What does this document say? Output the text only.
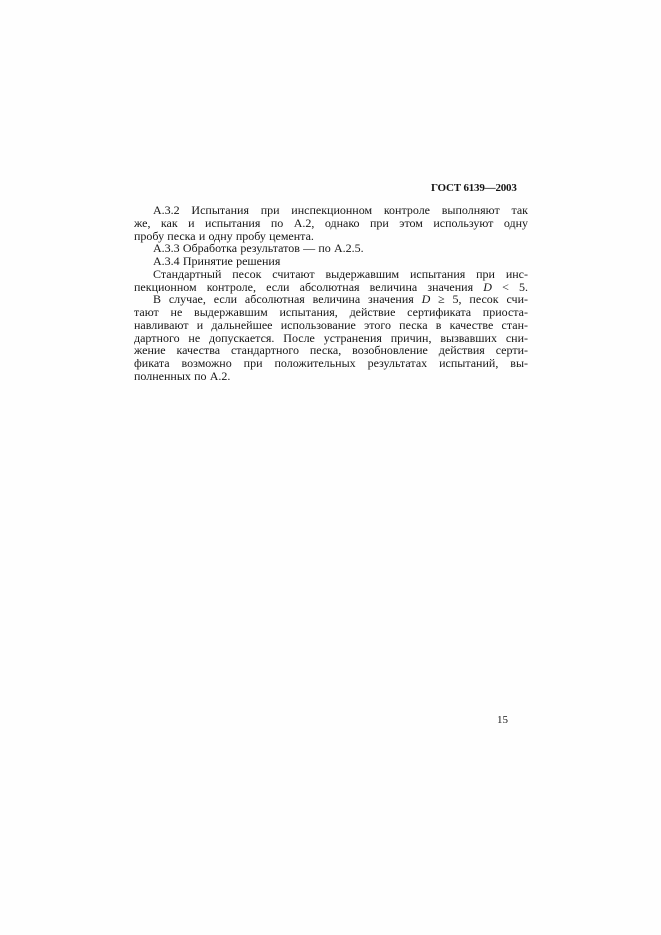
ГОСТ 6139—2003
А.3.2 Испытания при инспекционном контроле выполняют так
же, как и испытания по А.2, однако при этом используют одну
пробу песка и одну пробу цемента.
А.3.3 Обработка результатов — по А.2.5.
А.3.4 Принятие решения
Стандартный песок считают выдержавшим испытания при инс-
пекционном контроле, если абсолютная величина значения D < 5.
В случае, если абсолютная величина значения D ≥ 5, песок счи-
тают не выдержавшим испытания, действие сертификата приоста-
навливают и дальнейшее использование этого песка в качестве стан-
дартного не допускается. После устранения причин, вызвавших сни-
жение качества стандартного песка, возобновление действия серти-
фиката возможно при положительных результатах испытаний, вы-
полненных по А.2.
15
